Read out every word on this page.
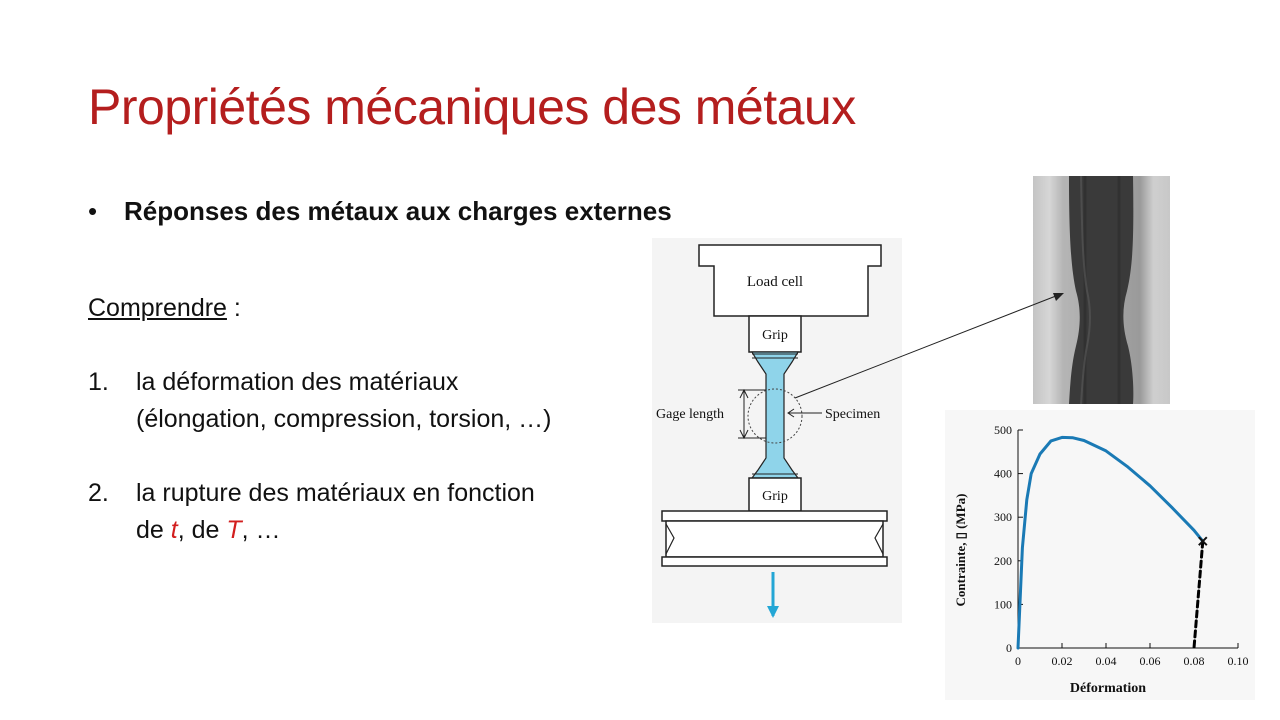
Propriétés mécaniques des métaux
• Réponses des métaux aux charges externes
Comprendre :
1. la déformation des matériaux
(élongation, compression, torsion, …)
2. la rupture des matériaux en fonction
de t, de T, …
Load cell
Grip
Gage length	Specimen
Grip
0	0.02 0.04 0.06 0.08 0.10
0
100
200
300
400
500
Contrainte, ▯ (MPa)
Déformation
